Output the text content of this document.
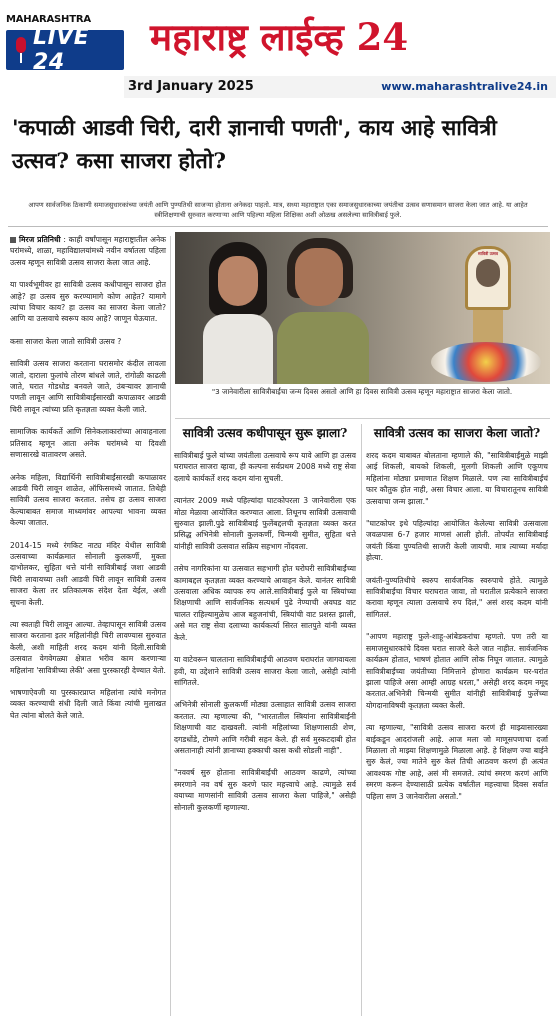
MAHARASHTRA
LIVE 24
महाराष्ट्र लाईव्ह 24
3rd January 2025	www.maharashtralive24.in
'कपाळी आडवी चिरी, दारी ज्ञानाची पणती', काय आहे सावित्री उत्सव? कसा साजरा होतो?
आपण सार्वजनिक ठिकाणी समाजसुधारकांच्या जयंती आणि पुण्यतिथी साजऱ्या होताना अनेकदा पाहतो. मात्र, सध्या महाराष्ट्रात एका समाजसुधारकाच्या जयंतीचा उत्सव सणासमान साजरा केला जात आहे. या आहेत स्त्रीशिक्षणाची सुरुवात करणाऱ्या आणि पहिल्या महिला शिक्षिका अशी ओळख असलेल्या सावित्रीबाई फुले.

मिरज प्रतिनिधी : काही वर्षांपासून महाराष्ट्रातील अनेक घरांमध्ये, शाळा, महाविद्यालयांमध्ये नवीन वर्षातला पहिला उत्सव म्हणून सावित्री उत्सव साजरा केला जात आहे.

या पार्श्वभूमीवर हा सावित्री उत्सव कधीपासून साजरा होत आहे? हा उत्सव सुरु करण्यामागे कोण आहेत? यामागे त्यांचा विचार काय? हा उत्सव का साजरा केला जातो? आणि या उत्सवाचे स्वरूप काय आहे? जाणून घेऊयात.

कसा साजरा केला जातो सावित्री उत्सव ?

सावित्री उत्सव साजरा करताना घरासमोर कंदील लावला जातो, दाराला फुलांचे तोरण बांधले जाते, रांगोळी काढली जाते, घरात गोडधोड बनवले जाते, उंबऱ्यावर ज्ञानाची पणती लावून आणि सावित्रीबाईंसारखी कपाळावर आडवी चिरी लावून त्यांच्या प्रति कृतज्ञता व्यक्त केली जाते.

सामाजिक कार्यकर्ते आणि सिनेकलाकारांच्या आवाहनाला प्रतिसाद म्हणून आता अनेक घरांमध्ये या दिवशी सणासारखे वातावरण असते.

अनेक महिला, विद्यार्थिनी सावित्रीबाईंसारखी कपाळावर आडवी चिरी लावून शाळेत, ऑफिसमध्ये जातात. तिथेही सावित्री उत्सव साजरा करतात. तसेच हा उत्सव साजरा केल्याबाबत समाज माध्यमांवर आपल्या भावना व्यक्त केल्या जातात.

2014-15 मध्ये रंगकिट नाट्य मंदिर येथील सावित्री उत्सवाच्या कार्यक्रमात सोनाली कुलकर्णी, मुक्ता दाभोलकर, सुहिता थत्ते यांनी सावित्रीबाई जशा आडवी चिरी लावायच्या तशी आडवी चिरी लावून सावित्री उत्सव साजरा केला तर प्रतिकात्मक संदेश देता येईल, अशी सूचना केली.

त्या स्वतःही चिरी लावून आल्या. तेव्हापासून सावित्री उत्सव साजरा करताना इतर महिलांनीही चिरी लावण्यास सुरुवात केली, अशी माहिती शरद कदम यांनी दिली.सावित्री उत्सवात वेगवेगळ्या क्षेत्रात भरीव काम करणाऱ्या महिलांना 'सावित्रीच्या लेकी' असा पुरस्कारही देण्यात येतो.

भाषणाऐवजी या पुरस्कारप्राप्त महिलांना त्यांचे मनोगत व्यक्त करण्याची संधी दिली जाते किंवा त्यांची मुलाखत घेत त्यांना बोलते केले जाते.

सावित्री उत्सव
"3 जानेवारीला सावित्रीबाईंचा जन्म दिवस असतो आणि हा दिवस सावित्री उत्सव म्हणून महाराष्ट्रात साजरा केला जातो.
सावित्री उत्सव कधीपासून सुरू झाला?

सावित्रीबाई फुले यांच्या जयंतीला उत्सवाचे रूप यावे आणि हा उत्सव घराघरात साजरा व्हावा, ही कल्पना सर्वप्रथम 2008 मध्ये राष्ट्र सेवा दलाचे कार्यकर्ते शरद कदम यांना सुचली.

त्यानंतर 2009 मध्ये पहिल्यांदा घाटकोपरला 3 जानेवारीला एक मोठा मेळावा आयोजित करण्यात आला. तिथूनच सावित्री उत्सवाची सुरुवात झाली.पुढे सावित्रीबाई फुलेंबद्दलची कृतज्ञता व्यक्त करत प्रसिद्ध अभिनेत्री सोनाली कुलकर्णी, चिन्मयी सुमीत, सुहिता थत्ते यांनीही सावित्री उत्सवात सक्रिय सहभाग नोंदवला.

तसेच नागरिकांना या उत्सवात सहभागी होत घरोघरी सावित्रीबाईंच्या कामाबद्दल कृतज्ञता व्यक्त करण्याचे आवाहन केले. यानंतर सावित्री उत्सवाला अधिक व्यापक रुप आले.सावित्रीबाई फुले या स्त्रियांच्या शिक्षणाची आणि सार्वजनिक सत्यधर्म पुढे नेण्याची अवघड वाट चालत राहिल्यामुळेच आज बहुजनांची, स्त्रियांची वाट प्रशस्त झाली, असे मत राष्ट्र सेवा दलाच्या कार्यकर्त्या सिरत सातपुते यांनी व्यक्त केले.

या वाटेवरून चालताना सावित्रीबाईंची आठवण घराघरांत जागवायला हवी, या उद्देशाने सावित्री उत्सव साजरा केला जातो, असेही त्यांनी सांगितले.

अभिनेत्री सोनाली कुलकर्णी मोठ्या उत्साहात सावित्री उत्सव साजरा करतात. त्या म्हणाल्या की, "भारतातील स्त्रियांना सावित्रीबाईंनी शिक्षणाची वाट दाखवली. त्यांनी महिलांच्या शिक्षणासाठी शेण, दगडधोंडे, टोमणे आणि गरीबी सहन केले. ही सर्व मुस्कटदाबी होत असतानाही त्यांनी ज्ञानाच्या हक्काची कास कधी सोडली नाही".

"नववर्ष सुरु होताना सावित्रीबाईंची आठवण काढणे, त्यांच्या स्मरणाने नव वर्ष सुरु करणे फार महत्त्वाचे आहे. त्यामुळे सर्व वयाच्या माणसांनी सावित्री उत्सव साजरा केला पाहिजे," असेही सोनाली कुलकर्णी म्हणाल्या.

सावित्री उत्सव का साजरा केला जातो?

शरद कदम याबाबत बोलताना म्हणाले की, "सावित्रीबाईंमुळे माझी आई शिकली, बायको शिकली, मुलगी शिकली आणि एकूणच महिलांना मोठ्या प्रमाणात शिक्षण मिळाले. पण त्या सावित्रीबाईंचं फार कौतुक होत नाही, असा विचार आला. या विचारातूनच सावित्री उत्सवाचा जन्म झाला."

"घाटकोपर इथे पहिल्यांदा आयोजित केलेल्या सावित्री उत्सवाला जवळपास 6-7 हजार माणसं आली होती. तोपर्यंत सावित्रीबाई जयंती किंवा पुण्यतिथी साजरी केली जायची. मात्र त्याच्या मर्यादा होत्या.

जयंती-पुण्यतिथीचे स्वरुप सार्वजनिक स्वरुपाचे होते. त्यामुळे सावित्रीबाईंचा विचार घराघरात जावा, तो घरातील प्रत्येकाने साजरा करावा म्हणून त्याला उत्सवाचे रुप दिलं," असं शरद कदम यांनी सांगितलं.

"आपण महाराष्ट्र फुले-शाहू-आंबेडकरांचा म्हणतो. पण तरी या समाजसुधारकांचे दिवस घरात साजरे केले जात नाहीत. सार्वजनिक कार्यक्रम होतात, भाषणं होतात आणि लोक निघून जातात. त्यामुळे सावित्रीबाईंच्या जयंतीच्या निमित्ताने होणारा कार्यक्रम घर-घरांत झाला पाहिजे असा आम्ही आग्रह धरला," असेही शरद कदम नमूद करतात.अभिनेत्री चिन्मयी सुमीत यांनीही सावित्रीबाई फुलेंच्या योगदानाविषयी कृतज्ञता व्यक्त केली.

त्या म्हणाल्या, "सावित्री उत्सव साजरा करणं ही माझ्यासारख्या बाईकडून आदरांजली आहे. आज मला जो माणूसपणाचा दर्जा मिळाला तो माझ्या शिक्षणामुळे मिळाला आहे. हे शिक्षण ज्या बाईने सुरु केलं, ज्या मातेने सुरु केलं तिची आठवण करणं ही अत्यंत आवश्यक गोष्ट आहे, असं मी समजते. त्यांचं स्मरण करणं आणि स्मरण करून देण्यासाठी प्रत्येक वर्षातील महत्त्वाचा दिवस सर्वात पहिला सण 3 जानेवारीला असतो."
